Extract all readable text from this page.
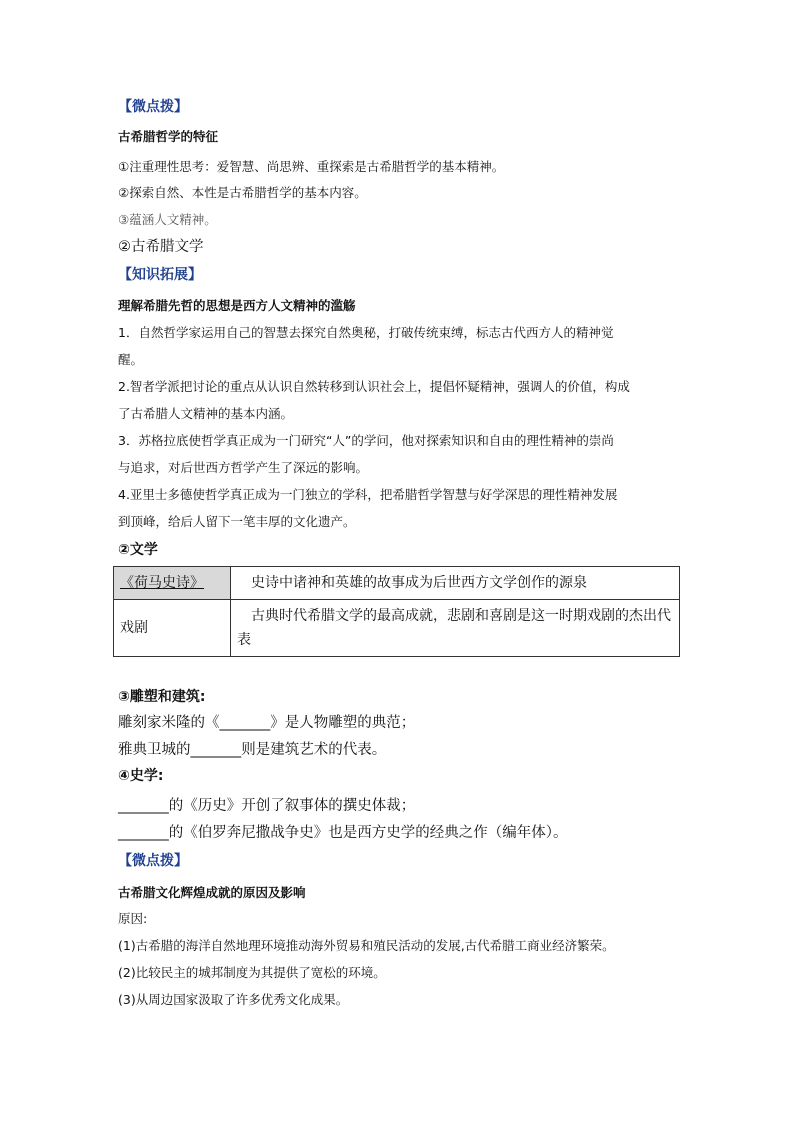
【微点拨】
古希腊哲学的特征
①注重理性思考：爱智慧、尚思辨、重探索是古希腊哲学的基本精神。
②探索自然、本性是古希腊哲学的基本内容。
③蕴涵人文精神。
②古希腊文学
【知识拓展】
理解希腊先哲的思想是西方人文精神的滥觞
1．自然哲学家运用自己的智慧去探究自然奥秘，打破传统束缚，标志古代西方人的精神觉
醒。
2.智者学派把讨论的重点从认识自然转移到认识社会上，提倡怀疑精神，强调人的价值，构成
了古希腊人文精神的基本内涵。
3．苏格拉底使哲学真正成为一门研究“人”的学问，他对探索知识和自由的理性精神的崇尚
与追求，对后世西方哲学产生了深远的影响。
4.亚里士多德使哲学真正成为一门独立的学科，把希腊哲学智慧与好学深思的理性精神发展
到顶峰，给后人留下一笔丰厚的文化遗产。
②文学
《荷马史诗》	史诗中诸神和英雄的故事成为后世西方文学创作的源泉

戏剧	古典时代希腊文学的最高成就，悲剧和喜剧是这一时期戏剧的杰出代
表
③雕塑和建筑:
雕刻家米隆的《_______》是人物雕塑的典范；
雅典卫城的_______则是建筑艺术的代表。
④史学:
_______的《历史》开创了叙事体的撰史体裁；
_______的《伯罗奔尼撒战争史》也是西方史学的经典之作（编年体）。
【微点拨】
古希腊文化辉煌成就的原因及影响
原因:
(1)古希腊的海洋自然地理环境推动海外贸易和殖民活动的发展,古代希腊工商业经济繁荣。
(2)比较民主的城邦制度为其提供了宽松的环境。
(3)从周边国家汲取了许多优秀文化成果。
